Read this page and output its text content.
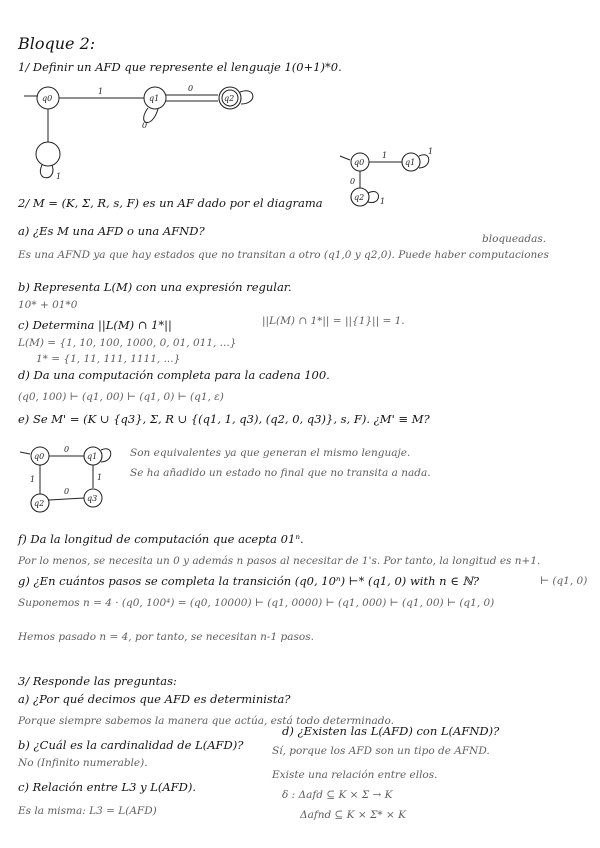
Bloque 2:
1/ Definir un AFD que represente el lenguaje 1(0+1)*0.
q0
1
q1
0
0
q2
1
q0
1
q1
1
0
q2 1
2/ M = (K, Σ, R, s, F) es un AF dado por el diagrama
a) ¿Es M una AFD o una AFND?
bloqueadas.
Es una AFND ya que hay estados que no transitan a otro (q1,0 y q2,0). Puede haber computaciones
b) Representa L(M) con una expresión regular.
10* + 01*0
c) Determina ||L(M) ∩ 1*||	||L(M) ∩ 1*|| = ||{1}|| = 1.
L(M) = {1, 10, 100, 1000, 0, 01, 011, ...}
1* = {1, 11, 111, 1111, ...}
d) Da una computación completa para la cadena 100.
(q0, 100) ⊢ (q1, 00) ⊢ (q1, 0) ⊢ (q1, ε)
e) Se M' = (K ∪ {q3}, Σ, R ∪ {(q1, 1, q3), (q2, 0, q3)}, s, F). ¿M' ≡ M?
q0
0
q1
1
q2
0
1
q3
Son equivalentes ya que generan el mismo lenguaje.
Se ha añadido un estado no final que no transita a nada.
f) Da la longitud de computación que acepta 01ⁿ.
Por lo menos, se necesita un 0 y además n pasos al necesitar de 1's. Por tanto, la longitud es n+1.
g) ¿En cuántos pasos se completa la transición (q0, 10ⁿ) ⊢* (q1, 0) with n ∈ ℕ?
Suponemos n = 4 · (q0, 100⁴) = (q0, 10000) ⊢ (q1, 0000) ⊢ (q1, 000) ⊢ (q1, 00) ⊢ (q1, 0)
⊢ (q1, 0)
Hemos pasado n = 4, por tanto, se necesitan n-1 pasos.
3/ Responde las preguntas:
a) ¿Por qué decimos que AFD es determinista?
Porque siempre sabemos la manera que actúa, está todo determinado.
b) ¿Cuál es la cardinalidad de L(AFD)?
No (Infinito numerable).
c) Relación entre L3 y L(AFD).
Es la misma: L3 = L(AFD)
d) ¿Existen las L(AFD) con L(AFND)?
Sí, porque los AFD son un tipo de AFND.
Existe una relación entre ellos.
δ : Δafd ⊆ K × Σ → K
Δafnd ⊆ K × Σ* × K
